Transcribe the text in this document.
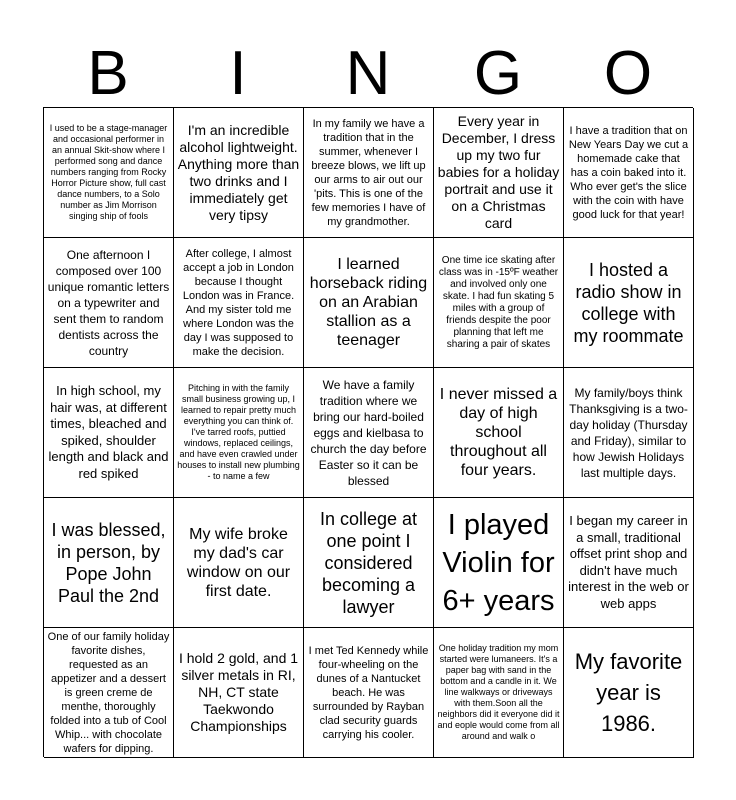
B	I	N	G	O
I used to be a stage-manager and occasional performer in an annual Skit-show where I performed song and dance numbers ranging from Rocky Horror Picture show, full cast dance numbers, to a Solo number as Jim Morrison singing ship of fools
I'm an incredible alcohol lightweight. Anything more than two drinks and I immediately get very tipsy
In my family we have a tradition that in the summer, whenever I breeze blows, we lift up our arms to air out our 'pits. This is one of the few memories I have of my grandmother.
Every year in December, I dress up my two fur babies for a holiday portrait and use it on a Christmas card
I have a tradition that on New Years Day we cut a homemade cake that has a coin baked into it. Who ever get's the slice with the coin with have good luck for that year!
One afternoon I composed over 100 unique romantic letters on a typewriter and sent them to random dentists across the country
After college, I almost accept a job in London because I thought London was in France. And my sister told me where London was the day I was supposed to make the decision.
I learned horseback riding on an Arabian stallion as a teenager
One time ice skating after class was in -15ºF weather and involved only one skate. I had fun skating 5 miles with a group of friends despite the poor planning that left me sharing a pair of skates
I hosted a radio show in college with my roommate
In high school, my hair was, at different times, bleached and spiked, shoulder length and black and red spiked
Pitching in with the family small business growing up, I learned to repair pretty much everything you can think of. I've tarred roofs, puttied windows, replaced ceilings, and have even crawled under houses to install new plumbing - to name a few
We have a family tradition where we bring our hard-boiled eggs and kielbasa to church the day before Easter so it can be blessed
I never missed a day of high school throughout all four years.
My family/boys think Thanksgiving is a two-day holiday (Thursday and Friday), similar to how Jewish Holidays last multiple days.
I was blessed, in person, by Pope John Paul the 2nd
My wife broke my dad's car window on our first date.
In college at one point I considered becoming a lawyer
I played Violin for 6+ years
I began my career in a small, traditional offset print shop and didn't have much interest in the web or web apps
One of our family holiday favorite dishes, requested as an appetizer and a dessert is green creme de menthe, thoroughly folded into a tub of Cool Whip... with chocolate wafers for dipping.
I hold 2 gold, and 1 silver metals in RI, NH, CT state Taekwondo Championships
I met Ted Kennedy while four-wheeling on the dunes of a Nantucket beach. He was surrounded by Rayban clad security guards carrying his cooler.
One holiday tradition my mom started were lumaneers. It's a paper bag with sand in the bottom and a candle in it. We line walkways or driveways with them.Soon all the neighbors did it everyone did it and eople would come from all around and walk o
My favorite year is 1986.
